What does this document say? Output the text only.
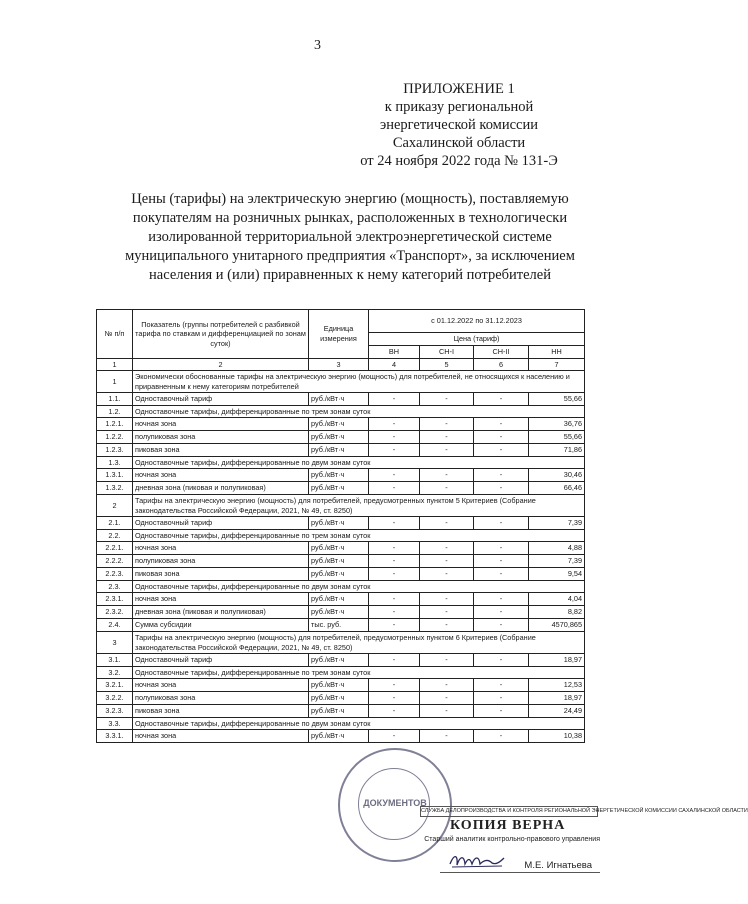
3
ПРИЛОЖЕНИЕ 1
к приказу региональной
энергетической комиссии
Сахалинской области
от 24 ноября 2022 года № 131-Э
Цены (тарифы) на электрическую энергию (мощность), поставляемую покупателям на розничных рынках, расположенных в технологически изолированной территориальной электроэнергетической системе муниципального унитарного предприятия «Транспорт», за исключением населения и (или) приравненных к нему категорий потребителей
№ п/п	Показатель (группы потребителей с разбивкой тарифа по ставкам и дифференциацией по зонам суток)	Единица измерения	с 01.12.2022 по 31.12.2023			
			Цена (тариф)			
			ВН	СН-I	СН-II	НН
1	2	3	4	5	6	7
1	Экономически обоснованные тарифы на электрическую энергию (мощность) для потребителей, не относящихся к населению и приравненным к нему категориям потребителей					
1.1.	Одноставочный тариф	руб./кВт·ч	-	-	-	55,66
1.2.	Одноставочные тарифы, дифференцированные по трем зонам суток					
1.2.1.	ночная зона	руб./кВт·ч	-	-	-	36,76
1.2.2.	полупиковая зона	руб./кВт·ч	-	-	-	55,66
1.2.3.	пиковая зона	руб./кВт·ч	-	-	-	71,86
1.3.	Одноставочные тарифы, дифференцированные по двум зонам суток					
1.3.1.	ночная зона	руб./кВт·ч	-	-	-	30,46
1.3.2.	дневная зона (пиковая и полупиковая)	руб./кВт·ч	-	-	-	66,46
2	Тарифы на электрическую энергию (мощность) для потребителей, предусмотренных пунктом 5 Критериев (Собрание законодательства Российской Федерации, 2021, № 49, ст. 8250)					
2.1.	Одноставочный тариф	руб./кВт·ч	-	-	-	7,39
2.2.	Одноставочные тарифы, дифференцированные по трем зонам суток					
2.2.1.	ночная зона	руб./кВт·ч	-	-	-	4,88
2.2.2.	полупиковая зона	руб./кВт·ч	-	-	-	7,39
2.2.3.	пиковая зона	руб./кВт·ч	-	-	-	9,54
2.3.	Одноставочные тарифы, дифференцированные по двум зонам суток					
2.3.1.	ночная зона	руб./кВт·ч	-	-	-	4,04
2.3.2.	дневная зона (пиковая и полупиковая)	руб./кВт·ч	-	-	-	8,82
2.4.	Сумма субсидии	тыс. руб.	-	-	-	4570,865
3	Тарифы на электрическую энергию (мощность) для потребителей, предусмотренных пунктом 6 Критериев (Собрание законодательства Российской Федерации, 2021, № 49, ст. 8250)					
3.1.	Одноставочный тариф	руб./кВт·ч	-	-	-	18,97
3.2.	Одноставочные тарифы, дифференцированные по трем зонам суток					
3.2.1.	ночная зона	руб./кВт·ч	-	-	-	12,53
3.2.2.	полупиковая зона	руб./кВт·ч	-	-	-	18,97
3.2.3.	пиковая зона	руб./кВт·ч	-	-	-	24,49
3.3.	Одноставочные тарифы, дифференцированные по двум зонам суток					
3.3.1.	ночная зона	руб./кВт·ч	-	-	-	10,38
ДОКУМЕНТОВ
СЛУЖБА ДЕЛОПРОИЗВОДСТВА И КОНТРОЛЯ РЕГИОНАЛЬНОЙ ЭНЕРГЕТИЧЕСКОЙ КОМИССИИ САХАЛИНСКОЙ ОБЛАСТИ
КОПИЯ ВЕРНА
Старший аналитик контрольно-правового управления
М.Е. Игнатьева
